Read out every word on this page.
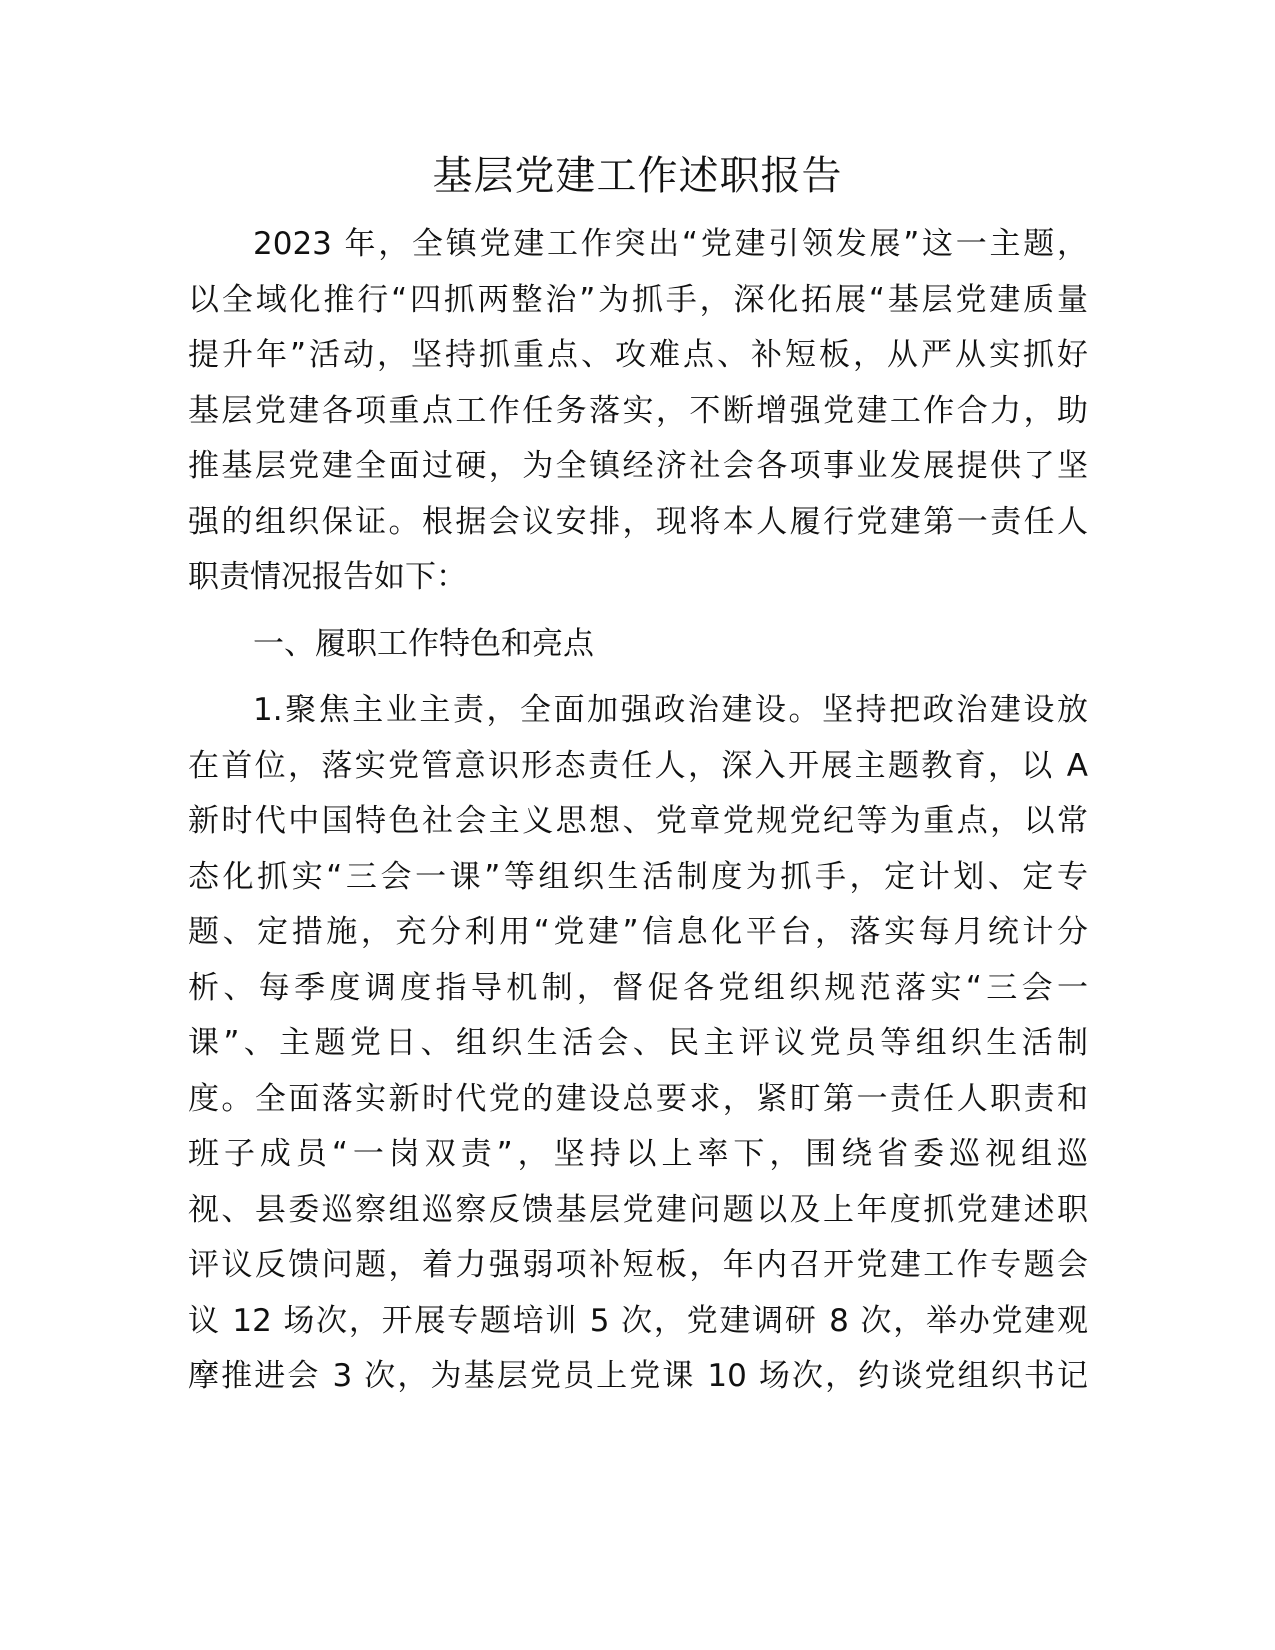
基层党建工作述职报告
2023 年，全镇党建工作突出“党建引领发展”这一主题，
以全域化推行“四抓两整治”为抓手，深化拓展“基层党建质量
提升年”活动，坚持抓重点、攻难点、补短板，从严从实抓好
基层党建各项重点工作任务落实，不断增强党建工作合力，助
推基层党建全面过硬，为全镇经济社会各项事业发展提供了坚
强的组织保证。根据会议安排，现将本人履行党建第一责任人
职责情况报告如下：
一、履职工作特色和亮点
1.聚焦主业主责，全面加强政治建设。坚持把政治建设放
在首位，落实党管意识形态责任人，深入开展主题教育，以 A
新时代中国特色社会主义思想、党章党规党纪等为重点，以常
态化抓实“三会一课”等组织生活制度为抓手，定计划、定专
题、定措施，充分利用“党建”信息化平台，落实每月统计分
析、每季度调度指导机制，督促各党组织规范落实“三会一
课”、主题党日、组织生活会、民主评议党员等组织生活制
度。全面落实新时代党的建设总要求，紧盯第一责任人职责和
班子成员“一岗双责”，坚持以上率下，围绕省委巡视组巡
视、县委巡察组巡察反馈基层党建问题以及上年度抓党建述职
评议反馈问题，着力强弱项补短板，年内召开党建工作专题会
议 12 场次，开展专题培训 5 次，党建调研 8 次，举办党建观
摩推进会 3 次，为基层党员上党课 10 场次，约谈党组织书记
